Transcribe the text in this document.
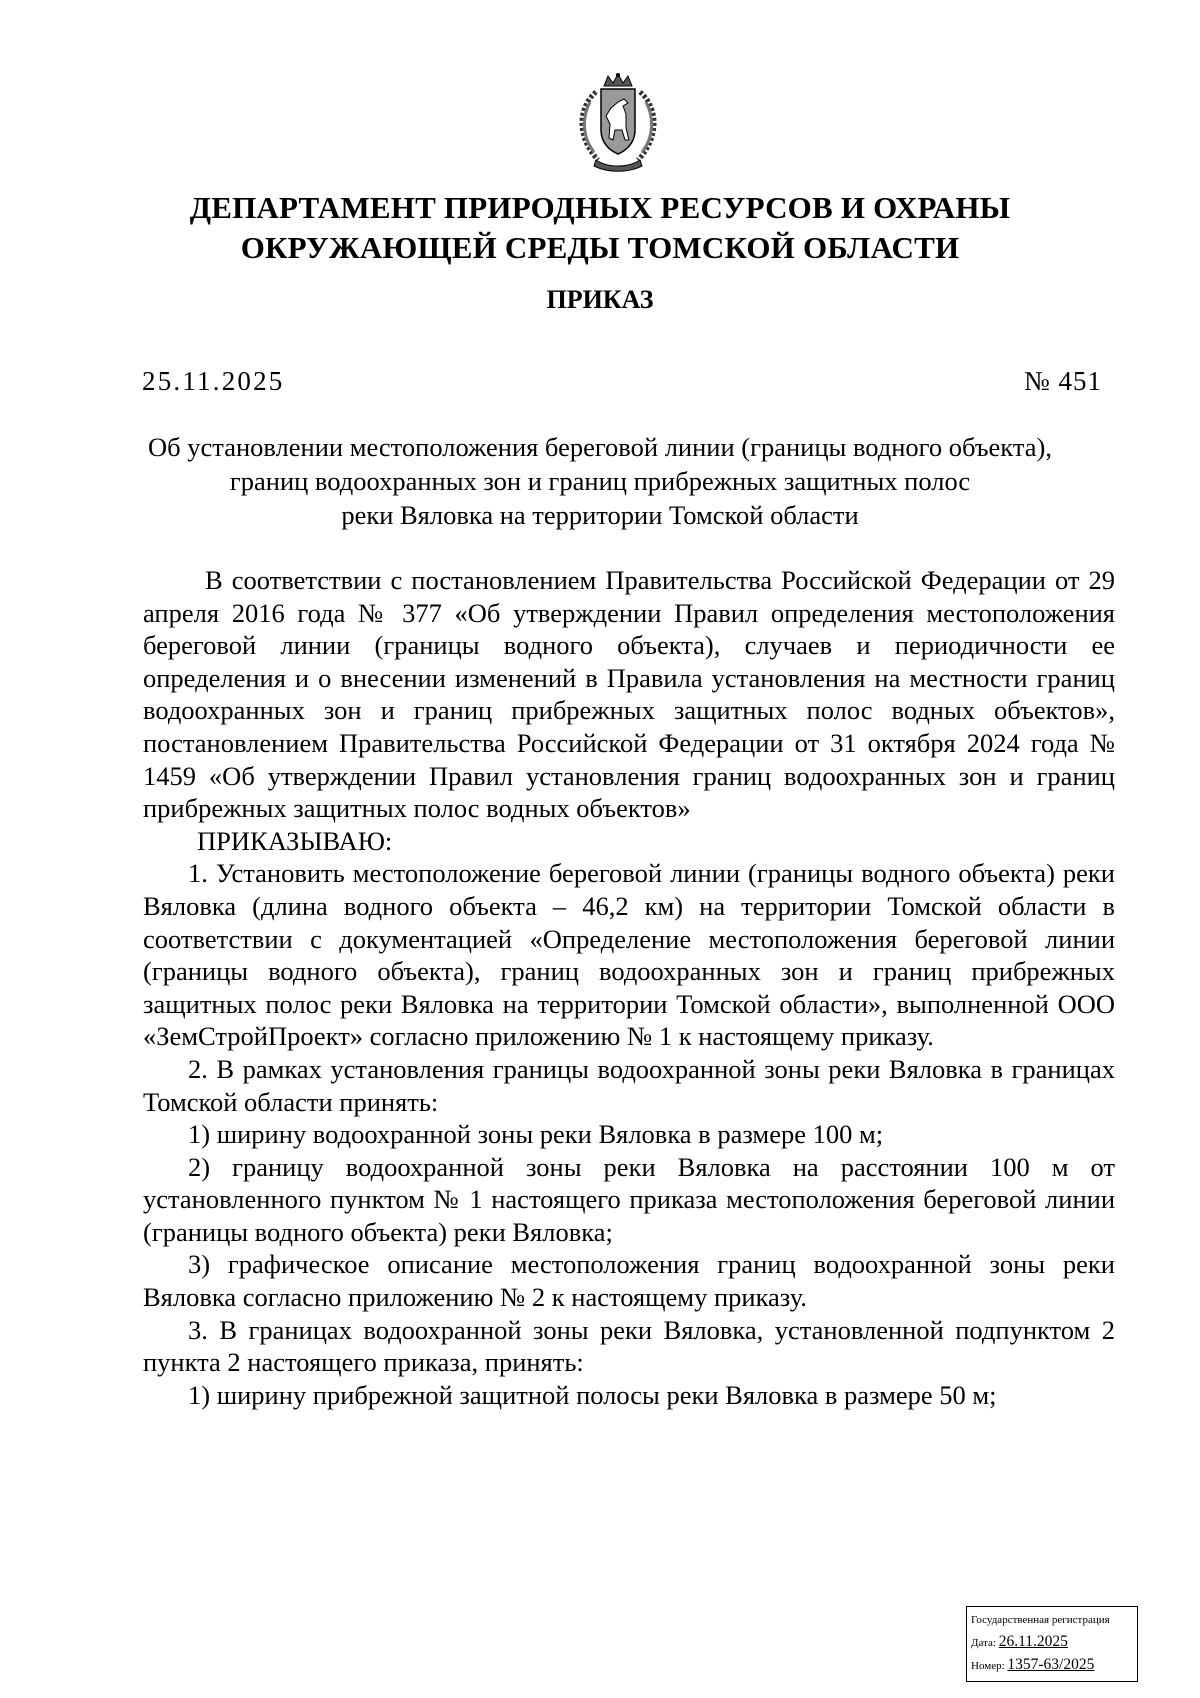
ДЕПАРТАМЕНТ ПРИРОДНЫХ РЕСУРСОВ И ОХРАНЫ
ОКРУЖАЮЩЕЙ СРЕДЫ ТОМСКОЙ ОБЛАСТИ
ПРИКАЗ
25.11.2025	№ 451
Об установлении местоположения береговой линии (границы водного объекта),
границ водоохранных зон и границ прибрежных защитных полос
реки Вяловка на территории Томской области

В соответствии с постановлением Правительства Российской Федерации от 29 апреля 2016 года № 377 «Об утверждении Правил определения местоположения береговой линии (границы водного объекта), случаев и периодичности ее определения и о внесении изменений в Правила установления на местности границ водоохранных зон и границ прибрежных защитных полос водных объектов», постановлением Правительства Российской Федерации от 31 октября 2024 года № 1459 «Об утверждении Правил установления границ водоохранных зон и границ прибрежных защитных полос водных объектов»

ПРИКАЗЫВАЮ:

1. Установить местоположение береговой линии (границы водного объекта) реки Вяловка (длина водного объекта – 46,2 км) на территории Томской области в соответствии с документацией «Определение местоположения береговой линии (границы водного объекта), границ водоохранных зон и границ прибрежных защитных полос реки Вяловка на территории Томской области», выполненной ООО «ЗемСтройПроект» согласно приложению № 1 к настоящему приказу.

2. В рамках установления границы водоохранной зоны реки Вяловка в границах Томской области принять:

1) ширину водоохранной зоны реки Вяловка в размере 100 м;

2) границу водоохранной зоны реки Вяловка на расстоянии 100 м от установленного пунктом № 1 настоящего приказа местоположения береговой линии (границы водного объекта) реки Вяловка;

3) графическое описание местоположения границ водоохранной зоны реки Вяловка согласно приложению № 2 к настоящему приказу.

3. В границах водоохранной зоны реки Вяловка, установленной подпунктом 2 пункта 2 настоящего приказа, принять:

1) ширину прибрежной защитной полосы реки Вяловка в размере 50 м;

Государственная регистрация
Дата: 26.11.2025
Номер: 1357-63/2025
